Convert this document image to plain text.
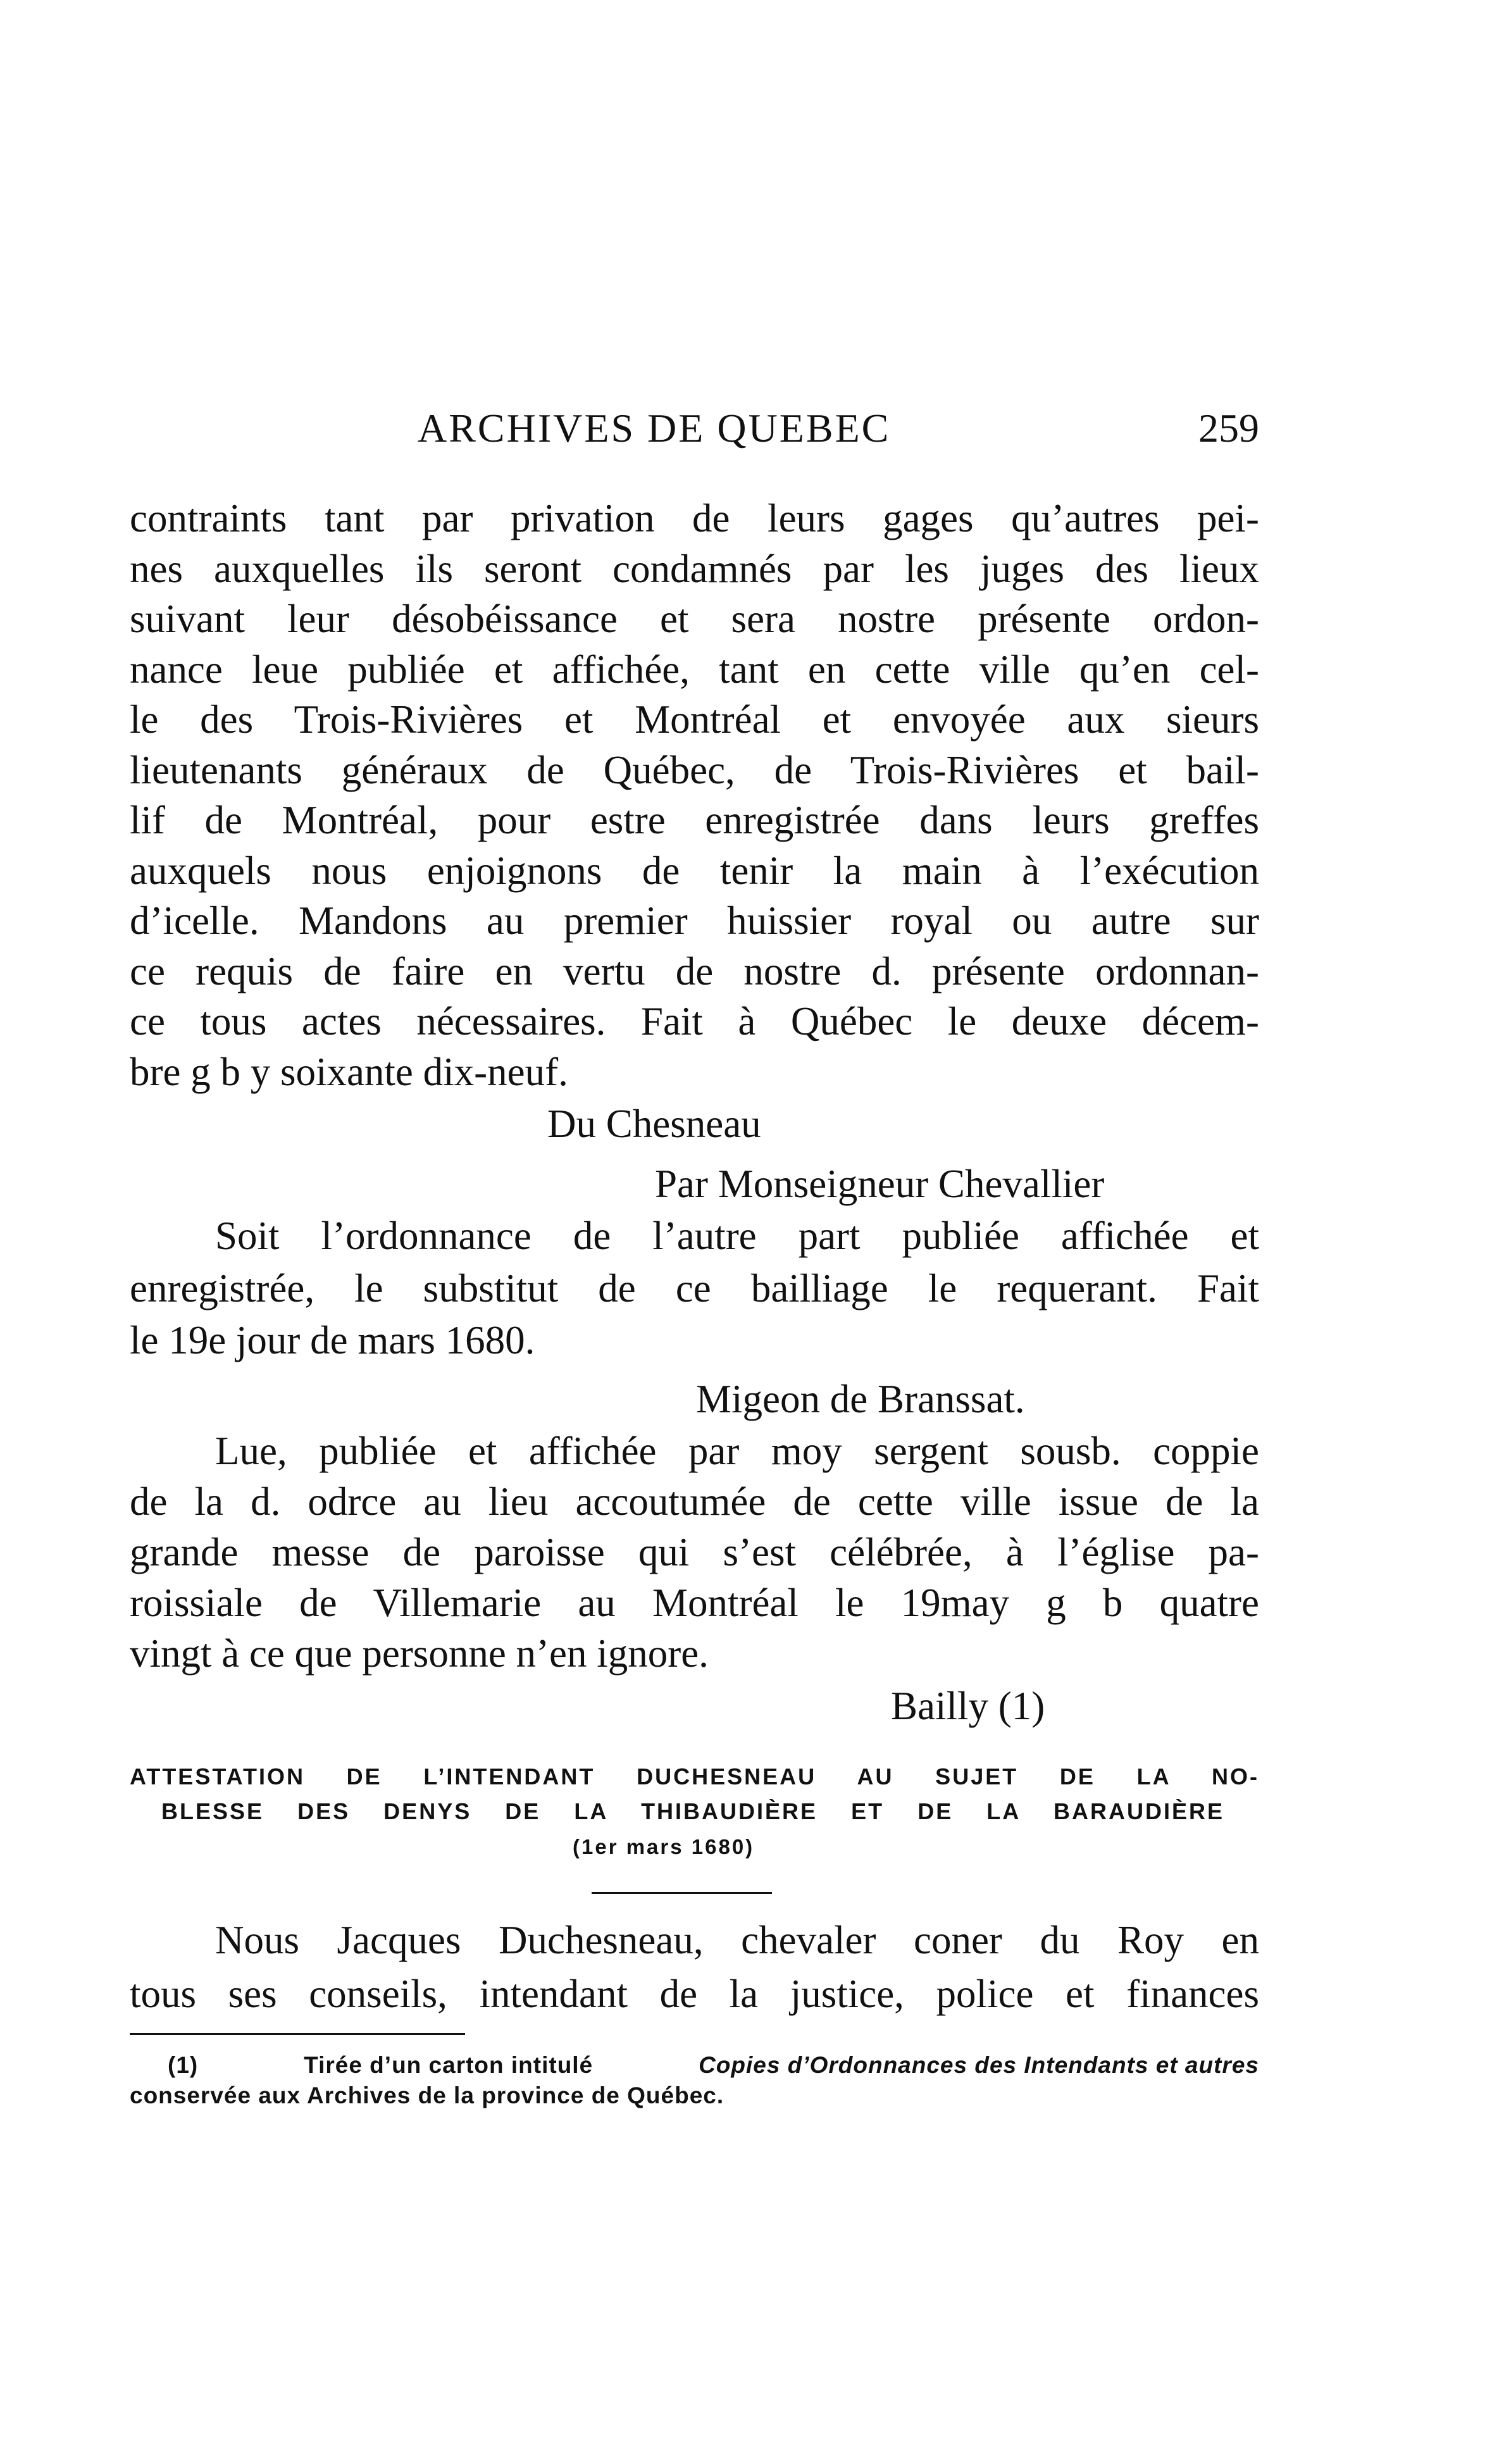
ARCHIVES DE QUEBEC	259
contraints tant par privation de leurs gages qu’autres pei-
nes auxquelles ils seront condamnés par les juges des lieux
suivant leur désobéissance et sera nostre présente ordon-
nance leue publiée et affichée, tant en cette ville qu’en cel-
le des Trois-Rivières et Montréal et envoyée aux sieurs
lieutenants généraux de Québec, de Trois-Rivières et bail-
lif de Montréal, pour estre enregistrée dans leurs greffes
auxquels nous enjoignons de tenir la main à l’exécution
d’icelle. Mandons au premier huissier royal ou autre sur
ce requis de faire en vertu de nostre d. présente ordonnan-
ce tous actes nécessaires. Fait à Québec le deuxe décem-
bre g b y soixante dix-neuf.
Du Chesneau
Par Monseigneur Chevallier
Soit l’ordonnance de l’autre part publiée affichée et
enregistrée, le substitut de ce bailliage le requerant. Fait
le 19e jour de mars 1680.
Migeon de Branssat.
Lue, publiée et affichée par moy sergent sousb. coppie
de la d. odrce au lieu accoutumée de cette ville issue de la
grande messe de paroisse qui s’est célébrée, à l’église pa-
roissiale de Villemarie au Montréal le 19may g b quatre
vingt à ce que personne n’en ignore.
Bailly (1)
ATTESTATION DE L’INTENDANT DUCHESNEAU AU SUJET DE LA NO-
BLESSE DES DENYS DE LA THIBAUDIÈRE ET DE LA BARAUDIÈRE
(1er mars 1680)
Nous Jacques Duchesneau, chevaler coner du Roy en
tous ses conseils, intendant de la justice, police et finances
(1)	Tirée d’un carton intitulé	Copies d’Ordonnances des Intendants et autres
conservée aux Archives de la province de Québec.
